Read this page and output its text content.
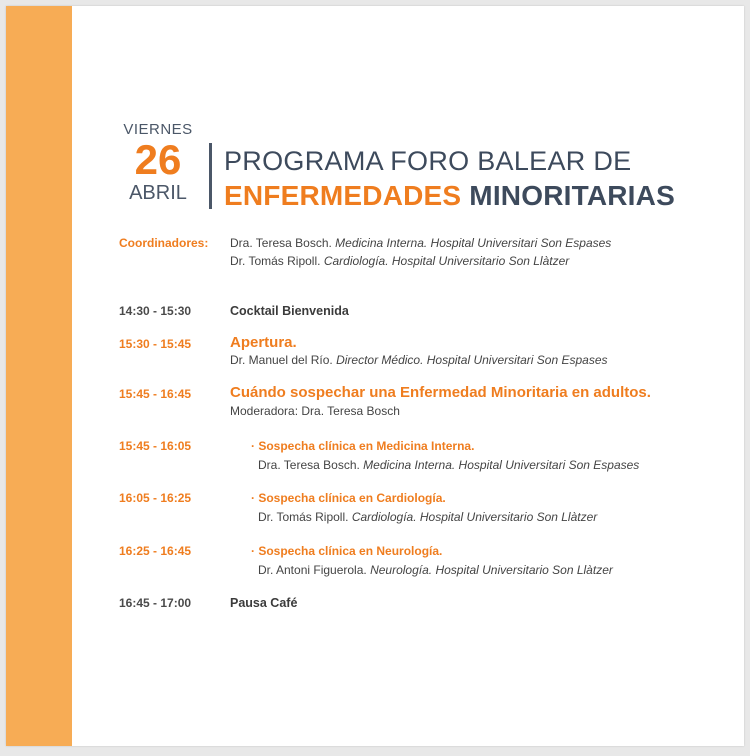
VIERNES
26
ABRIL
PROGRAMA FORO BALEAR DE
ENFERMEDADES MINORITARIAS
Coordinadores: Dra. Teresa Bosch. Medicina Interna. Hospital Universitari Son Espases
Dr. Tomás Ripoll. Cardiología. Hospital Universitario Son Llàtzer
14:30 - 15:30	Cocktail Bienvenida
15:30 - 15:45	Apertura.
Dr. Manuel del Río. Director Médico. Hospital Universitari Son Espases
15:45 - 16:45	Cuándo sospechar una Enfermedad Minoritaria en adultos.
Moderadora: Dra. Teresa Bosch
15:45 - 16:05	· Sospecha clínica en Medicina Interna.
Dra. Teresa Bosch. Medicina Interna. Hospital Universitari Son Espases
16:05 - 16:25	· Sospecha clínica en Cardiología.
Dr. Tomás Ripoll. Cardiología. Hospital Universitario Son Llàtzer
16:25 - 16:45	· Sospecha clínica en Neurología.
Dr. Antoni Figuerola. Neurología. Hospital Universitario Son Llàtzer
16:45 - 17:00	Pausa Café
